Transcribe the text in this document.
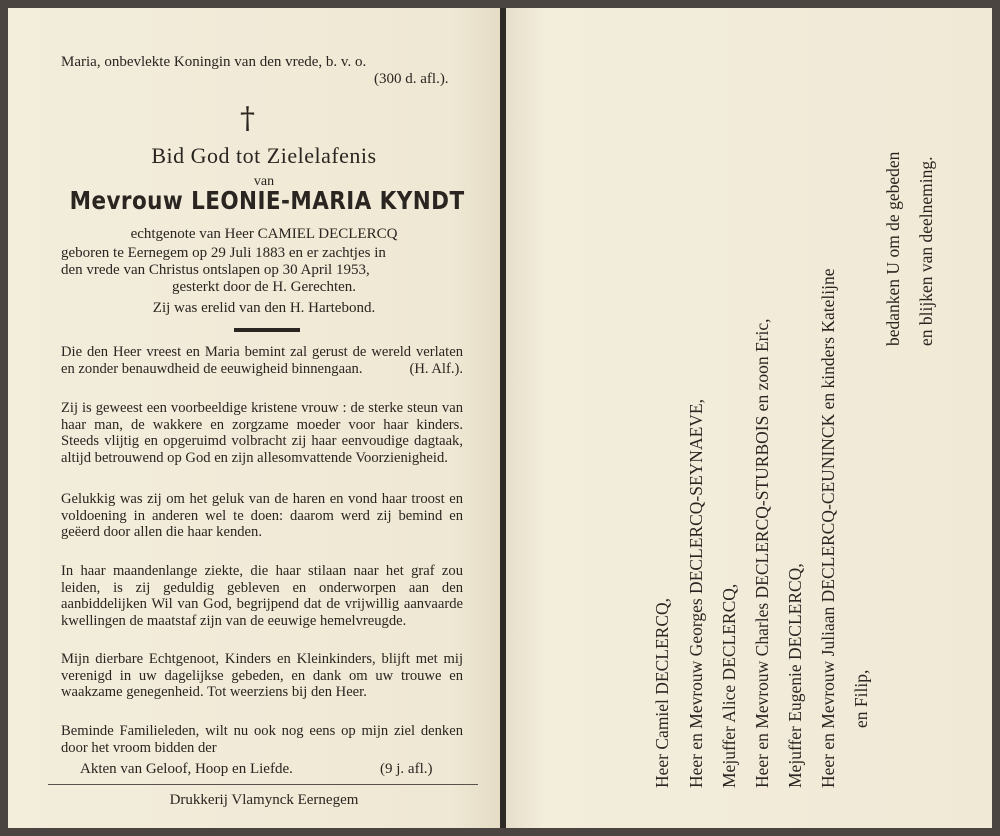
Maria, onbevlekte Koningin van den vrede, b. v. o.
(300 d. afl.).
†
Bid God tot Zielelafenis
van
Mevrouw LEONIE-MARIA KYNDT
echtgenote van Heer CAMIEL DECLERCQ
geboren te Eernegem op 29 Juli 1883 en er zachtjes in
den vrede van Christus ontslapen op 30 April 1953,
gesterkt door de H. Gerechten.
Zij was erelid van den H. Hartebond.
Die den Heer vreest en Maria bemint zal gerust de wereld verlaten en zonder benauwdheid de eeuwigheid binnengaan.	(H. Alf.).
Zij is geweest een voorbeeldige kristene vrouw : de sterke steun van haar man, de wakkere en zorgzame moeder voor haar kinders. Steeds vlijtig en opgeruimd volbracht zij haar eenvoudige dagtaak, altijd betrouwend op God en zijn allesomvattende Voorzienigheid.
Gelukkig was zij om het geluk van de haren en vond haar troost en voldoening in anderen wel te doen: daarom werd zij bemind en geëerd door allen die haar kenden.
In haar maandenlange ziekte, die haar stilaan naar het graf zou leiden, is zij geduldig gebleven en onderworpen aan den aanbiddelijken Wil van God, begrijpend dat de vrijwillig aanvaarde kwellingen de maatstaf zijn van de eeuwige hemelvreugde.
Mijn dierbare Echtgenoot, Kinders en Kleinkinders, blijft met mij verenigd in uw dagelijkse gebeden, en dank om uw trouwe en waakzame genegenheid. Tot weerziens bij den Heer.
Beminde Familieleden, wilt nu ook nog eens op mijn ziel denken door het vroom bidden der
Akten van Geloof, Hoop en Liefde.	(9 j. afl.)
Drukkerij Vlamynck Eernegem
Heer Camiel DECLERCQ, Heer en Mevrouw Georges DECLERCQ-SEYNAEVE, Mejuffer Alice DECLERCQ, Heer en Mevrouw Charles DECLERCQ-STURBOIS en zoon Eric, Mejuffer Eugenie DECLERCQ, Heer en Mevrouw Juliaan DECLERCQ-CEUNINCK en kinders Katelijne en Filip,
bedanken U om de gebeden en blijken van deelneming.
